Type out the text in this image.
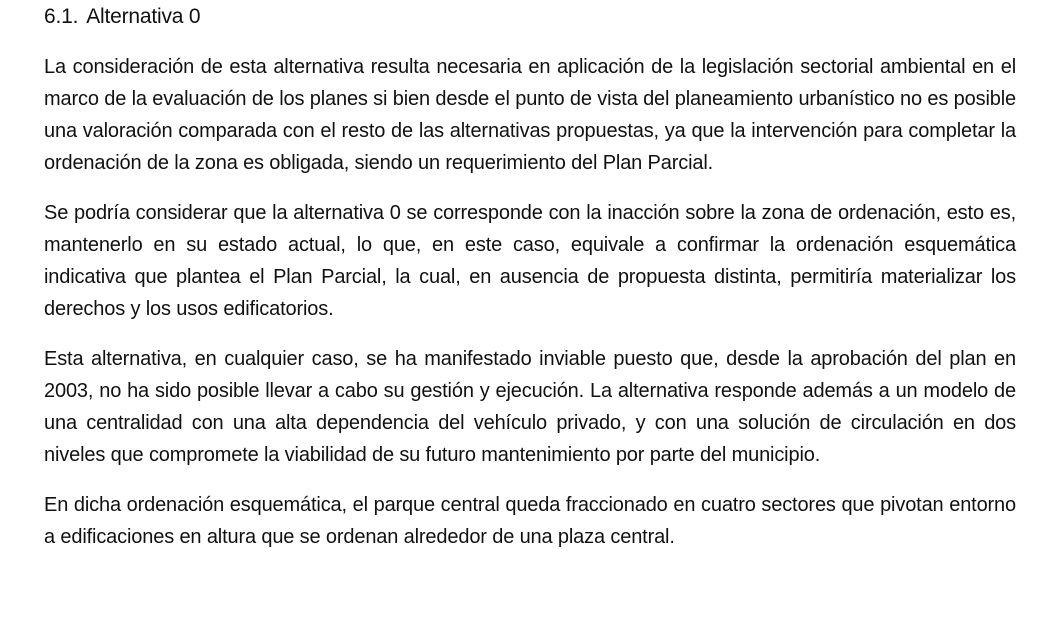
6.1. Alternativa 0

La consideración de esta alternativa resulta necesaria en aplicación de la legislación sectorial ambiental en el marco de la evaluación de los planes si bien desde el punto de vista del planeamiento urbanístico no es posible una valoración comparada con el resto de las alternativas propuestas, ya que la intervención para completar la ordenación de la zona es obligada, siendo un requerimiento del Plan Parcial.

Se podría considerar que la alternativa 0 se corresponde con la inacción sobre la zona de ordenación, esto es, mantenerlo en su estado actual, lo que, en este caso, equivale a confirmar la ordenación esquemática indicativa que plantea el Plan Parcial, la cual, en ausencia de propuesta distinta, permitiría materializar los derechos y los usos edificatorios.

Esta alternativa, en cualquier caso, se ha manifestado inviable puesto que, desde la aprobación del plan en 2003, no ha sido posible llevar a cabo su gestión y ejecución. La alternativa responde además a un modelo de una centralidad con una alta dependencia del vehículo privado, y con una solución de circulación en dos niveles que compromete la viabilidad de su futuro mantenimiento por parte del municipio.

En dicha ordenación esquemática, el parque central queda fraccionado en cuatro sectores que pivotan entorno a edificaciones en altura que se ordenan alrededor de una plaza central.
